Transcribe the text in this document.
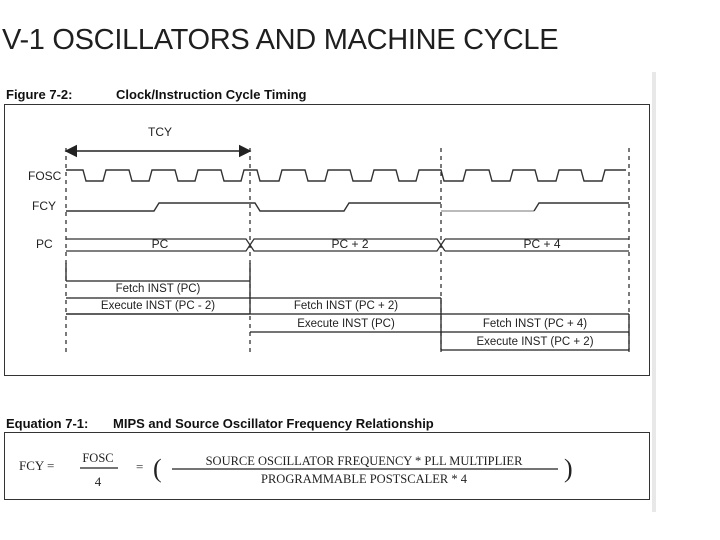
V-1 OSCILLATORS AND MACHINE CYCLE
Figure 7-2:	Clock/Instruction Cycle Timing
TCY
FOSC
FCY
PC	PC	PC + 2	PC + 4
Fetch INST (PC)
Execute INST (PC - 2)	Fetch INST (PC + 2)
Execute INST (PC)	Fetch INST (PC + 4)
Execute INST (PC + 2)
Equation 7-1: MIPS and Source Oscillator Frequency Relationship
FCY = FOSC
4
= (	SOURCE OSCILLATOR FREQUENCY * PLL MULTIPLIER
PROGRAMMABLE POSTSCALER * 4	)
